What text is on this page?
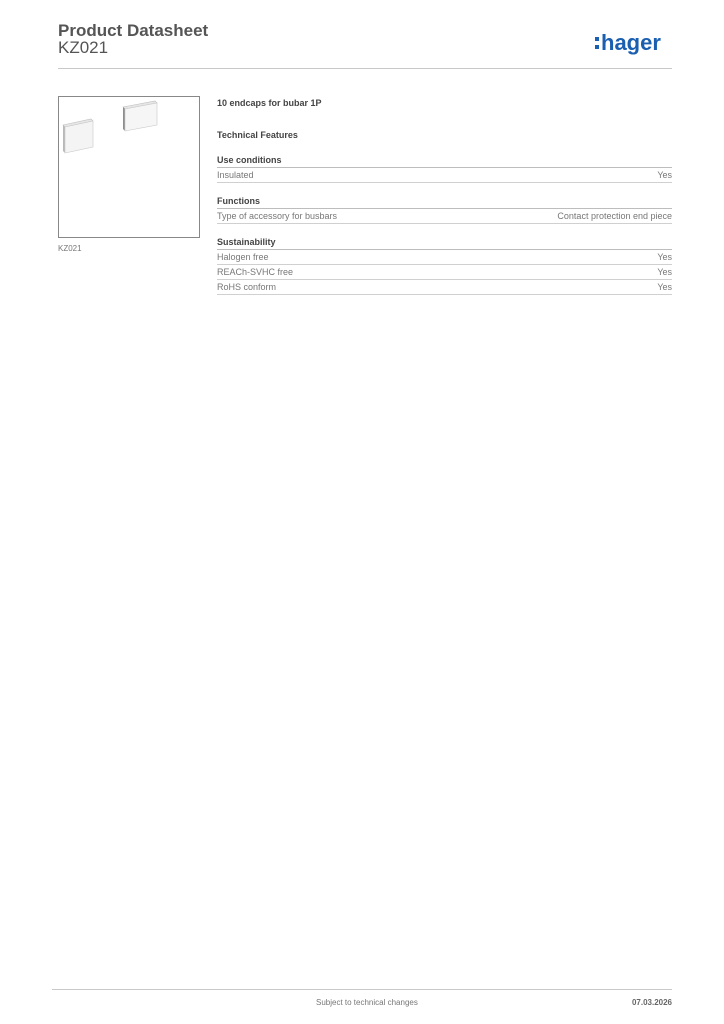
Product Datasheet
KZ021	hager
KZ021
10 endcaps for bubar 1P
Technical Features
Use conditions
Insulated	Yes
Functions
Type of accessory for busbars	Contact protection end piece
Sustainability
Halogen free	Yes
REACh-SVHC free	Yes
RoHS conform	Yes
Subject to technical changes	07.03.2026
